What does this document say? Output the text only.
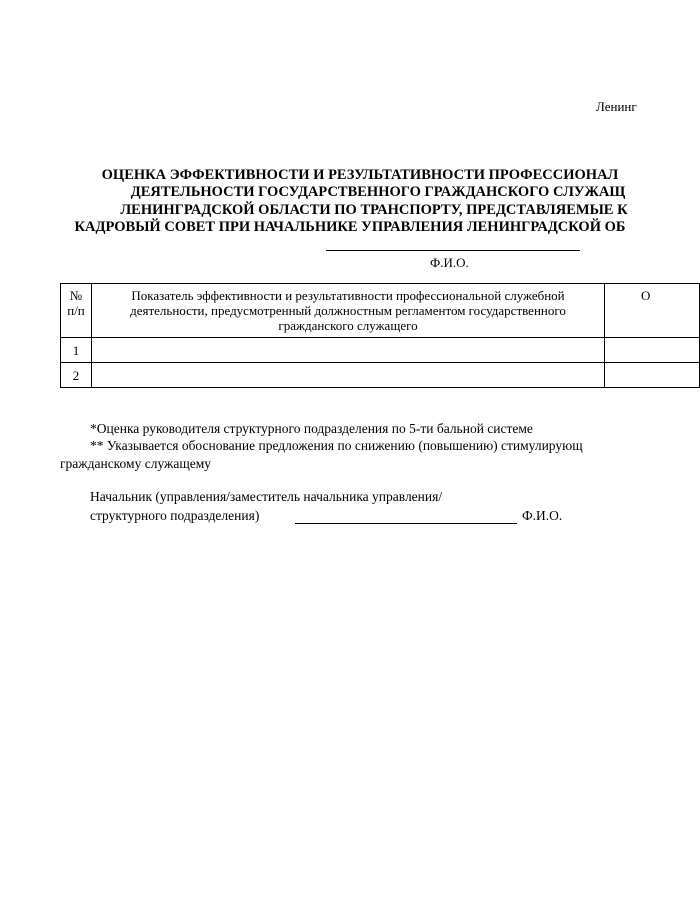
Ленинг
ОЦЕНКА ЭФФЕКТИВНОСТИ И РЕЗУЛЬТАТИВНОСТИ ПРОФЕССИОНАЛ
ДЕЯТЕЛЬНОСТИ ГОСУДАРСТВЕННОГО ГРАЖДАНСКОГО СЛУЖАЩ
ЛЕНИНГРАДСКОЙ ОБЛАСТИ ПО ТРАНСПОРТУ, ПРЕДСТАВЛЯЕМЫЕ К
КАДРОВЫЙ СОВЕТ ПРИ НАЧАЛЬНИКЕ УПРАВЛЕНИЯ ЛЕНИНГРАДСКОЙ ОБ
Ф.И.О.
№ п/п	Показатель эффективности и результативности профессиональной служебной деятельности, предусмотренный должностным регламентом государственного гражданского служащего	О
1		
2		
*Оценка руководителя структурного подразделения по 5-ти бальной системе
** Указывается обоснование предложения по снижению (повышению) стимулирующ
гражданскому служащему
Начальник (управления/заместитель начальника управления/
структурного подразделения)	Ф.И.О.
